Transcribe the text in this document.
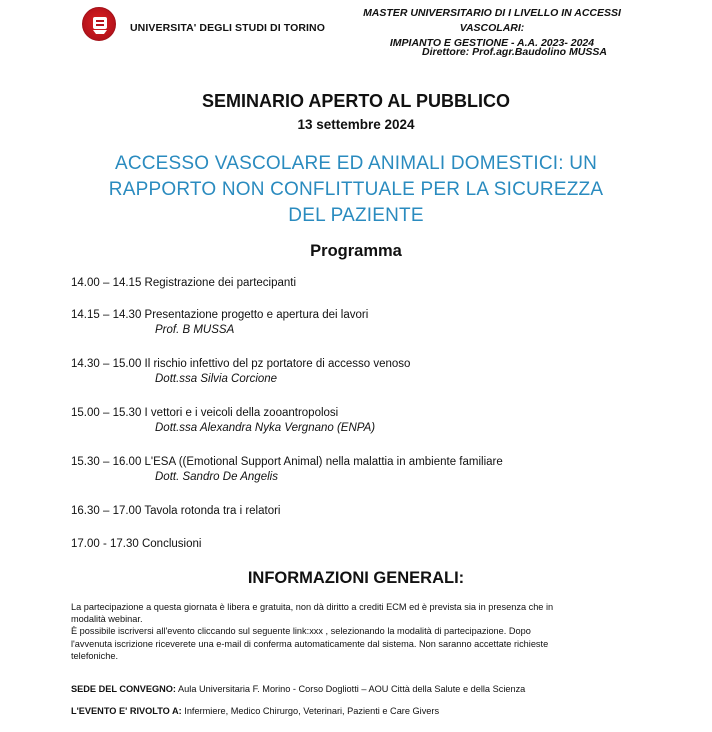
UNIVERSITA' DEGLI STUDI DI TORINO
MASTER UNIVERSITARIO DI I LIVELLO IN ACCESSI VASCOLARI:
IMPIANTO E GESTIONE - A.A. 2023- 2024
Direttore: Prof.agr.Baudolino MUSSA
SEMINARIO APERTO AL PUBBLICO
13 settembre 2024
ACCESSO VASCOLARE ED ANIMALI DOMESTICI: UN
RAPPORTO NON CONFLITTUALE PER LA SICUREZZA
DEL PAZIENTE
Programma
14.00 – 14.15 Registrazione dei partecipanti
14.15 – 14.30 Presentazione progetto e apertura dei lavori
Prof. B MUSSA
14.30 – 15.00 Il rischio infettivo del pz portatore di accesso venoso
Dott.ssa Silvia Corcione
15.00 – 15.30 I vettori e i veicoli della zooantropolosi
Dott.ssa Alexandra Nyka Vergnano (ENPA)
15.30 – 16.00 L'ESA ((Emotional Support Animal) nella malattia in ambiente familiare
Dott. Sandro De Angelis
16.30 – 17.00 Tavola rotonda tra i relatori
17.00 - 17.30 Conclusioni
INFORMAZIONI GENERALI:

La partecipazione a questa giornata è libera e gratuita, non dà diritto a crediti ECM ed è prevista sia in presenza che in

modalità webinar.

È possibile iscriversi all'evento cliccando sul seguente link:xxx , selezionando la modalità di partecipazione. Dopo

l'avvenuta iscrizione riceverete una e-mail di conferma automaticamente dal sistema. Non saranno accettate richieste

telefoniche.

SEDE DEL CONVEGNO: Aula Universitaria F. Morino - Corso Dogliotti – AOU Città della Salute e della Scienza
L'EVENTO E' RIVOLTO A: Infermiere, Medico Chirurgo, Veterinari, Pazienti e Care Givers
